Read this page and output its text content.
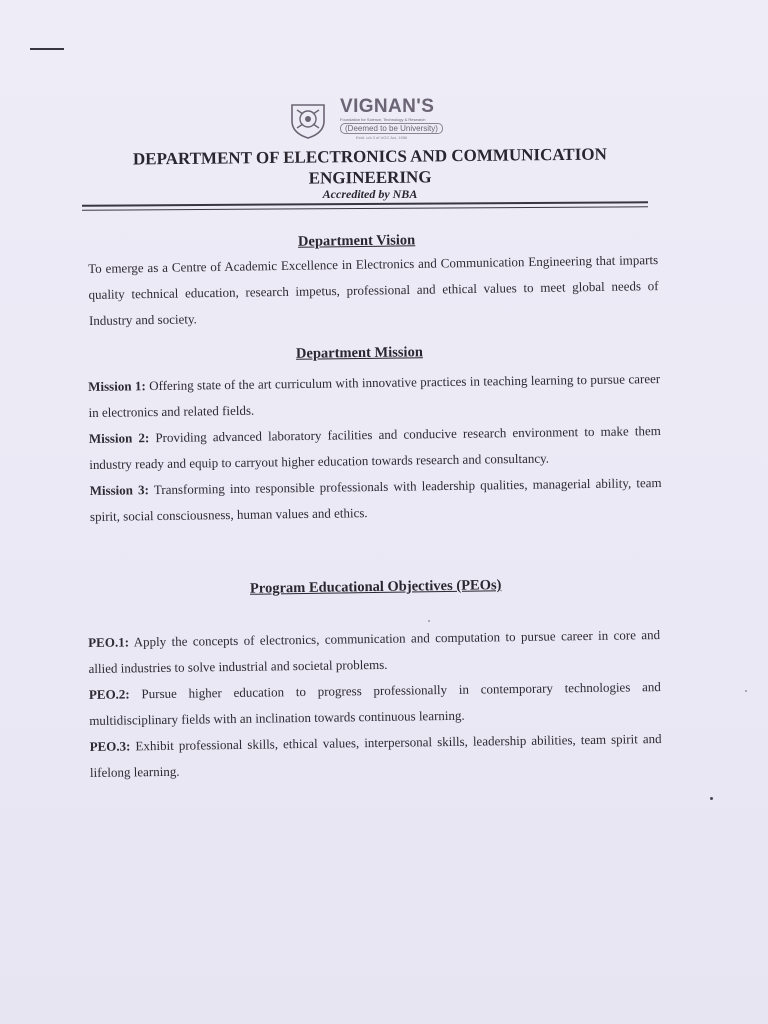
VIGNAN'S
Foundation for Science, Technology & Research
(Deemed to be University)
Estd. u/s 3 of UGC Act, 1956
DEPARTMENT OF ELECTRONICS AND COMMUNICATION ENGINEERING
Accredited by NBA
Department Vision
To emerge as a Centre of Academic Excellence in Electronics and Communication Engineering that imparts quality technical education, research impetus, professional and ethical values to meet global needs of Industry and society.
Department Mission

Mission 1: Offering state of the art curriculum with innovative practices in teaching learning to pursue career in electronics and related fields.

Mission 2: Providing advanced laboratory facilities and conducive research environment to make them industry ready and equip to carryout higher education towards research and consultancy.

Mission 3: Transforming into responsible professionals with leadership qualities, managerial ability, team spirit, social consciousness, human values and ethics.

Program Educational Objectives (PEOs)

PEO.1: Apply the concepts of electronics, communication and computation to pursue career in core and allied industries to solve industrial and societal problems.

PEO.2: Pursue higher education to progress professionally in contemporary technologies and multidisciplinary fields with an inclination towards continuous learning.

PEO.3: Exhibit professional skills, ethical values, interpersonal skills, leadership abilities, team spirit and lifelong learning.
